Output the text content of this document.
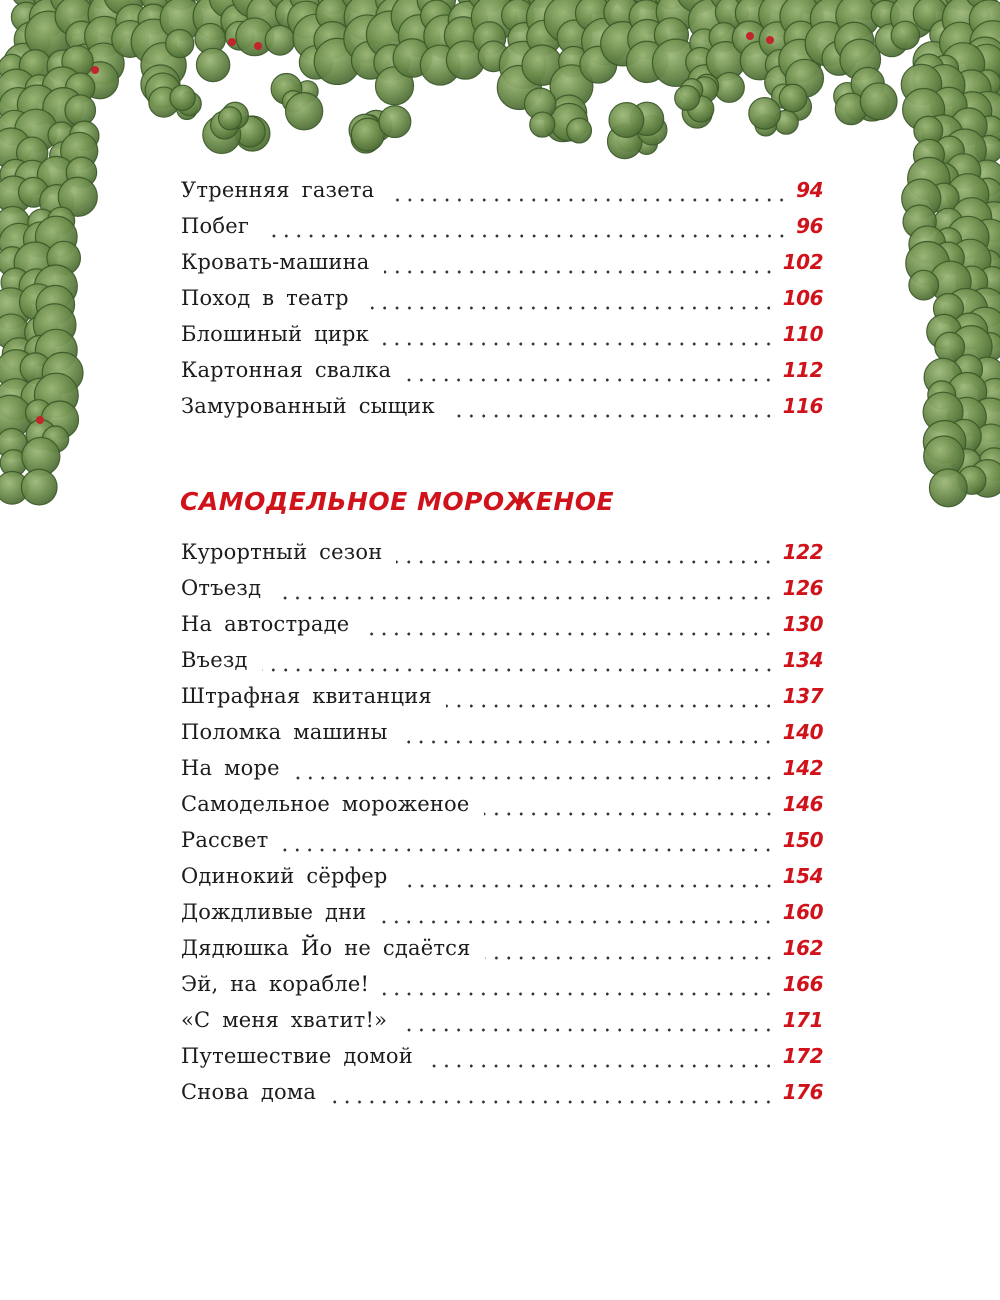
Утренняя газета	94
Побег	96
Кровать-машина	102
Поход в театр	106
Блошиный цирк	110
Картонная свалка	112
Замурованный сыщик	116
САМОДЕЛЬНОЕ МОРОЖЕНОЕ
Курортный сезон	122
Отъезд	126
На автостраде	130
Въезд	134
Штрафная квитанция	137
Поломка машины	140
На море	142
Самодельное мороженое	146
Рассвет	150
Одинокий сёрфер	154
Дождливые дни	160
Дядюшка Йо не сдаётся	162
Эй, на корабле!	166
«С меня хватит!»	171
Путешествие домой	172
Снова дома	176
